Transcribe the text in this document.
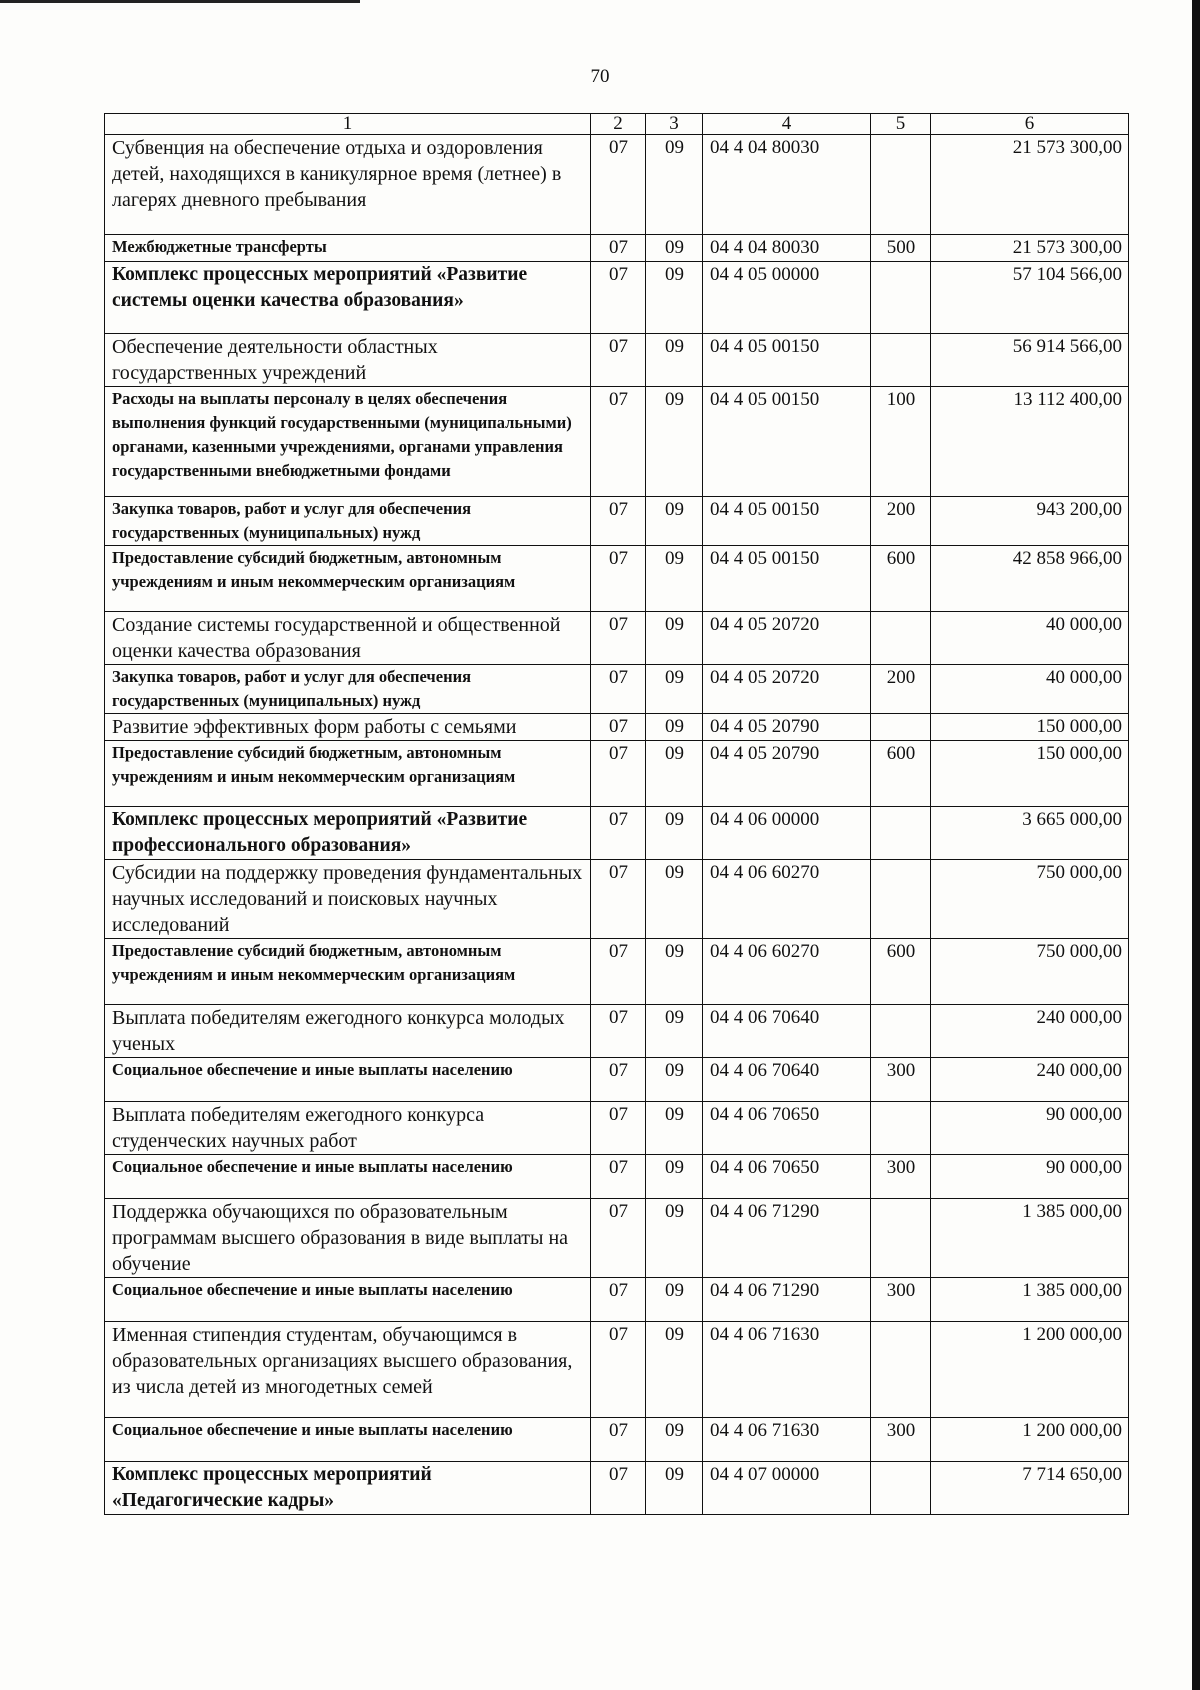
70
1	2	3	4	5	6
Субвенция на обеспечение отдыха и оздоровления детей, находящихся в каникулярное время (летнее) в лагерях дневного пребывания	07	09	04 4 04 80030		21 573 300,00
Межбюджетные трансферты	07	09	04 4 04 80030	500	21 573 300,00
Комплекс процессных мероприятий «Развитие системы оценки качества образования»	07	09	04 4 05 00000		57 104 566,00
Обеспечение деятельности областных государственных учреждений	07	09	04 4 05 00150		56 914 566,00
Расходы на выплаты персоналу в целях обеспечения выполнения функций государственными (муниципальными) органами, казенными учреждениями, органами управления государственными внебюджетными фондами	07	09	04 4 05 00150	100	13 112 400,00
Закупка товаров, работ и услуг для обеспечения государственных (муниципальных) нужд	07	09	04 4 05 00150	200	943 200,00
Предоставление субсидий бюджетным, автономным учреждениям и иным некоммерческим организациям	07	09	04 4 05 00150	600	42 858 966,00
Создание системы государственной и общественной оценки качества образования	07	09	04 4 05 20720		40 000,00
Закупка товаров, работ и услуг для обеспечения государственных (муниципальных) нужд	07	09	04 4 05 20720	200	40 000,00
Развитие эффективных форм работы с семьями	07	09	04 4 05 20790		150 000,00
Предоставление субсидий бюджетным, автономным учреждениям и иным некоммерческим организациям	07	09	04 4 05 20790	600	150 000,00
Комплекс процессных мероприятий «Развитие профессионального образования»	07	09	04 4 06 00000		3 665 000,00
Субсидии на поддержку проведения фундаментальных научных исследований и поисковых научных исследований	07	09	04 4 06 60270		750 000,00
Предоставление субсидий бюджетным, автономным учреждениям и иным некоммерческим организациям	07	09	04 4 06 60270	600	750 000,00
Выплата победителям ежегодного конкурса молодых ученых	07	09	04 4 06 70640		240 000,00
Социальное обеспечение и иные выплаты населению	07	09	04 4 06 70640	300	240 000,00
Выплата победителям ежегодного конкурса студенческих научных работ	07	09	04 4 06 70650		90 000,00
Социальное обеспечение и иные выплаты населению	07	09	04 4 06 70650	300	90 000,00
Поддержка обучающихся по образовательным программам высшего образования в виде выплаты на обучение	07	09	04 4 06 71290		1 385 000,00
Социальное обеспечение и иные выплаты населению	07	09	04 4 06 71290	300	1 385 000,00
Именная стипендия студентам, обучающимся в образовательных организациях высшего образования, из числа детей из многодетных семей	07	09	04 4 06 71630		1 200 000,00
Социальное обеспечение и иные выплаты населению	07	09	04 4 06 71630	300	1 200 000,00
Комплекс процессных мероприятий «Педагогические кадры»	07	09	04 4 07 00000		7 714 650,00
